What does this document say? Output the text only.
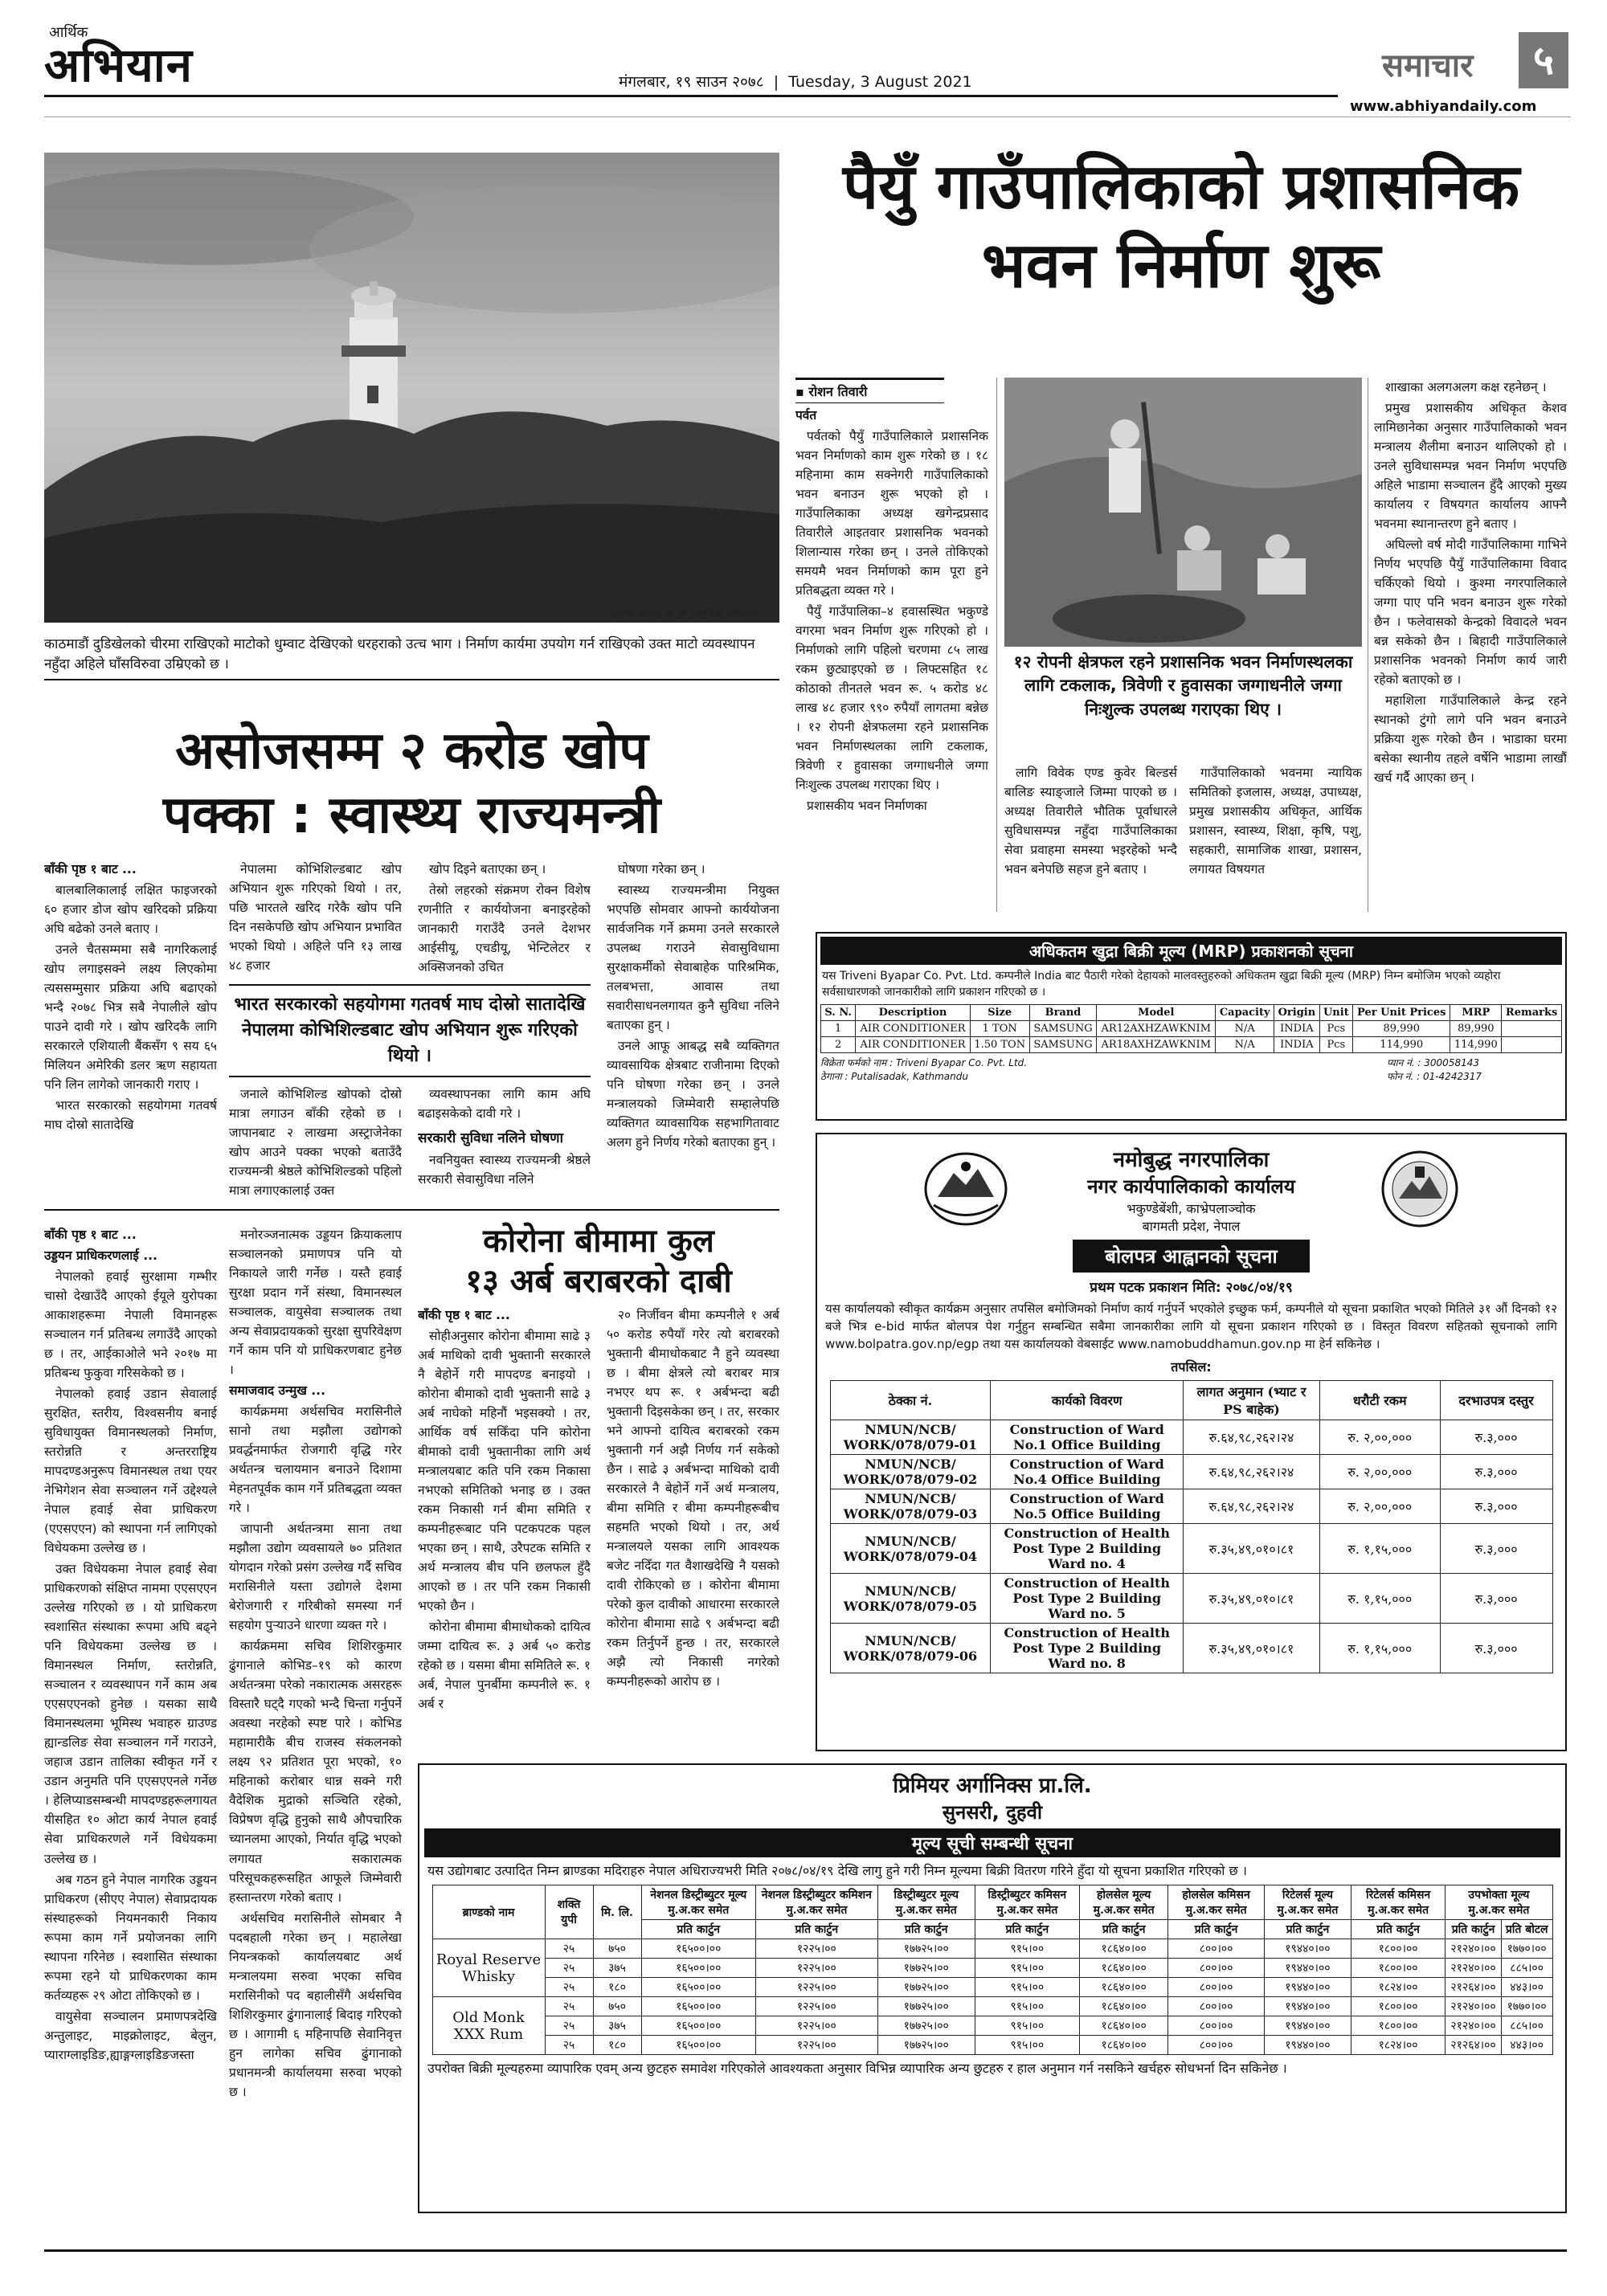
आर्थिक
अभियान	मंगलबार, १९ साउन २०७८ | Tuesday, 3 August 2021	समाचार	५
www.abhiyandaily.com
तस्वीरः प्रकाश के.सी./आर्थिक अभियान
काठमाडौं दुडिखेलको चीरमा राखिएको माटोको धुम्वाट देखिएको धरहराको उत्च भाग । निर्माण कार्यमा उपयोग गर्न राखिएको उक्त माटो व्यवस्थापन नहुँदा अहिले घाँसविरुवा उम्रिएको छ ।
पैयुँ गाउँपालिकाको प्रशासनिक
भवन निर्माण शुरू
▪ रोशन तिवारी

पर्वत

पर्वतको पैयुँ गाउँपालिकाले प्रशासनिक भवन निर्माणको काम शुरू गरेको छ । १८ महिनामा काम सक्नेगरी गाउँपालिकाको भवन बनाउन शुरू भएको हो । गाउँपालिकाका अध्यक्ष खगेन्द्रप्रसाद तिवारीले आइतवार प्रशासनिक भवनको शिलान्यास गरेका छन् । उनले तोकिएको समयमै भवन निर्माणको काम पूरा हुने प्रतिबद्धता व्यक्त गरे ।

पैयुँ गाउँपालिका–४ हवासस्थित भकुण्डे वगरमा भवन निर्माण शुरू गरिएको हो । निर्माणको लागि पहिलो चरणमा ८५ लाख रकम छुट्याइएको छ । लिफ्टसहित १८ कोठाको तीनतले भवन रू. ५ करोड ४८ लाख ४८ हजार ९९० रुपैयाँ लागतमा बन्नेछ । १२ रोपनी क्षेत्रफलमा रहने प्रशासनिक भवन निर्माणस्थलका लागि टकलाक, त्रिवेणी र हुवासका जग्गाधनीले जग्गा निःशुल्क उपलब्ध गराएका थिए ।

प्रशासकीय भवन निर्माणका

१२ रोपनी क्षेत्रफल रहने प्रशासनिक भवन निर्माणस्थलका लागि टकलाक, त्रिवेणी र हुवासका जग्गाधनीले जग्गा निःशुल्क उपलब्ध गराएका थिए ।

लागि विवेक एण्ड कुवेर बिल्डर्स बालिङ स्याङ्जाले जिम्मा पाएको छ । अध्यक्ष तिवारीले भौतिक पूर्वाधारले सुविधासम्पन्न नहुँदा गाउँपालिकाका सेवा प्रवाहमा समस्या भइरहेको भन्दै भवन बनेपछि सहज हुने बताए ।

गाउँपालिकाको भवनमा न्यायिक समितिको इजलास, अध्यक्ष, उपाध्यक्ष, प्रमुख प्रशासकीय अधिकृत, आर्थिक प्रशासन, स्वास्थ्य, शिक्षा, कृषि, पशु, सहकारी, सामाजिक शाखा, प्रशासन, लगायत विषयगत

शाखाका अलगअलग कक्ष रहनेछन् ।

प्रमुख प्रशासकीय अधिकृत केशव लामिछानेका अनुसार गाउँपालिकाको भवन मन्त्रालय शैलीमा बनाउन थालिएको हो । उनले सुविधासम्पन्न भवन निर्माण भएपछि अहिले भाडामा सञ्चालन हुँदै आएको मुख्य कार्यालय र विषयगत कार्यालय आफ्नै भवनमा स्थानान्तरण हुने बताए ।

अघिल्लो वर्ष मोदी गाउँपालिकामा गाभिने निर्णय भएपछि पैयुँ गाउँपालिकामा विवाद चर्किएको थियो । कुश्मा नगरपालिकाले जग्गा पाए पनि भवन बनाउन शुरू गरेको छैन । फलेवासको केन्द्रको विवादले भवन बन्न सकेको छैन । बिहादी गाउँपालिकाले प्रशासनिक भवनको निर्माण कार्य जारी रहेको बताएको छ ।

महाशिला गाउँपालिकाले केन्द्र रहने स्थानको टुंगो लागे पनि भवन बनाउने प्रक्रिया शुरू गरेको छैन । भाडाका घरमा बसेका स्थानीय तहले वर्षेनि भाडामा लाखौं खर्च गर्दै आएका छन् ।

असोजसम्म २ करोड खोप
पक्का : स्वास्थ्य राज्यमन्त्री

बाँकी पृष्ठ १ बाट ...

बालबालिकालाई लक्षित फाइजरको ६० हजार डोज खोप खरिदको प्रक्रिया अघि बढेको उनले बताए ।

उनले चैतसम्ममा सबै नागरिकलाई खोप लगाइसक्ने लक्ष्य लिएकोमा त्यससम्मुसार प्रक्रिया अघि बढाएको भन्दै २०७८ भित्र सबै नेपालीले खोप पाउने दावी गरे । खोप खरिदकै लागि सरकारले एशियाली बैंकसँग ९ सय ६५ मिलियन अमेरिकी डलर ऋण सहायता पनि लिन लागेको जानकारी गराए ।

भारत सरकारको सहयोगमा गतवर्ष माघ दोस्रो सातादेखि

नेपालमा कोभिशिल्डबाट खोप अभियान शुरू गरिएको थियो । तर, पछि भारतले खरिद गरेकै खोप पनि दिन नसकेपछि खोप अभियान प्रभावित भएको थियो । अहिले पनि १३ लाख ४८ हजार

खोप दिइने बताएका छन् ।

तेस्रो लहरको संक्रमण रोक्न विशेष रणनीति र कार्ययोजना बनाइरहेको जानकारी गराउँदै उनले देशभर आईसीयू, एचडीयू, भेन्टिलेटर र अक्सिजनको उचित

भारत सरकारको सहयोगमा गतवर्ष माघ दोस्रो सातादेखि नेपालमा कोभिशिल्डबाट खोप अभियान शुरू गरिएको थियो ।

जनाले कोभिशिल्ड खोपको दोस्रो मात्रा लगाउन बाँकी रहेको छ । जापानबाट २ लाखमा अस्ट्राजेनेका खोप आउने पक्का भएको बताउँदै राज्यमन्त्री श्रेष्ठले कोभिशिल्डको पहिलो मात्रा लगाएकालाई उक्त

व्यवस्थापनका लागि काम अघि बढाइसकेको दावी गरे ।

सरकारी सुविधा नलिने घोषणा

नवनियुक्त स्वास्थ्य राज्यमन्त्री श्रेष्ठले सरकारी सेवासुविधा नलिने

घोषणा गरेका छन् ।

स्वास्थ्य राज्यमन्त्रीमा नियुक्त भएपछि सोमवार आफ्नो कार्ययोजना सार्वजनिक गर्ने क्रममा उनले सरकारले उपलब्ध गराउने सेवासुविधामा सुरक्षाकर्मीको सेवाबाहेक पारिश्रमिक, तलबभत्ता, आवास तथा सवारीसाधनलगायत कुनै सुविधा नलिने बताएका हुन् ।

उनले आफू आबद्ध सबै व्यक्तिगत व्यावसायिक क्षेत्रबाट राजीनामा दिएको पनि घोषणा गरेका छन् । उनले मन्त्रालयको जिम्मेवारी सम्हालेपछि व्यक्तिगत व्यावसायिक सहभागितावाट अलग हुने निर्णय गरेको बताएका हुन् ।

बाँकी पृष्ठ १ बाट ...

उड्डयन प्राधिकरणलाई ...

नेपालको हवाई सुरक्षामा गम्भीर चासो देखाउँदै आएको ईयूले युरोपका आकाशहरूमा नेपाली विमानहरू सञ्चालन गर्न प्रतिबन्ध लगाउँदै आएको छ । तर, आईकाओले भने २०१७ मा प्रतिबन्ध फुकुवा गरिसकेको छ ।

नेपालको हवाई उडान सेवालाई सुरक्षित, स्तरीय, विश्वसनीय बनाई सुविधायुक्त विमानस्थलको निर्माण, स्तरोन्नति र अन्तरराष्ट्रिय मापदण्डअनुरूप विमानस्थल तथा एयर नेभिगेशन सेवा सञ्चालन गर्ने उद्देश्यले नेपाल हवाई सेवा प्राधिकरण (एएसएएन) को स्थापना गर्न लागिएको विधेयकमा उल्लेख छ ।

उक्त विधेयकमा नेपाल हवाई सेवा प्राधिकरणको संक्षिप्त नाममा एएसएएन उल्लेख गरिएको छ । यो प्राधिकरण स्वशासित संस्थाका रूपमा अघि बढ्ने पनि विधेयकमा उल्लेख छ । विमानस्थल निर्माण, स्तरोन्नति, सञ्चालन र व्यवस्थापन गर्ने काम अब एएसएएनको हुनेछ । यसका साथै विमानस्थलमा भूमिस्थ भवाहरु ग्राउण्ड ह्यान्डलिङ सेवा सञ्चालन गर्ने गराउने, जहाज उडान तालिका स्वीकृत गर्ने र उडान अनुमति पनि एएसएएनले गर्नेछ । हेलिप्याडसम्बन्धी मापदण्डहरूलगायत यीसहित १० ओटा कार्य नेपाल हवाई सेवा प्राधिकरणले गर्ने विधेयकमा उल्लेख छ ।

अब गठन हुने नेपाल नागरिक उड्डयन प्राधिकरण (सीएए नेपाल) सेवाप्रदायक संस्थाहरूको नियमनकारी निकाय रूपमा काम गर्ने प्रयोजनका लागि स्थापना गरिनेछ । स्वशासित संस्थाका रूपमा रहने यो प्राधिकरणका काम कर्तव्यहरू २९ ओटा तोकिएको छ ।

वायुसेवा सञ्चालन प्रमाणपत्रदेखि अन्तुलाइट, माइक्रोलाइट, बेलुन, प्याराग्लाइडिङ,ह्याङ्गग्लाइडिङजस्ता

मनोरञ्जनात्मक उड्डयन क्रियाकलाप सञ्चालनको प्रमाणपत्र पनि यो निकायले जारी गर्नेछ । यस्तै हवाई सुरक्षा प्रदान गर्ने संस्था, विमानस्थल सञ्चालक, वायुसेवा सञ्चालक तथा अन्य सेवाप्रदायकको सुरक्षा सुपरिवेक्षण गर्ने काम पनि यो प्राधिकरणबाट हुनेछ ।

समाजवाद उन्मुख ...

कार्यक्रममा अर्थसचिव मरासिनीले सानो तथा मझौला उद्योगको प्रवर्द्धनमार्फत रोजगारी वृद्धि गरेर अर्थतन्त्र चलायमान बनाउने दिशामा मेहनतपूर्वक काम गर्ने प्रतिबद्धता व्यक्त गरे ।

जापानी अर्थतन्त्रमा साना तथा मझौला उद्योग व्यवसायले ७० प्रतिशत योगदान गरेको प्रसंग उल्लेख गर्दै सचिव मरासिनीले यस्ता उद्योगले देशमा बेरोजगारी र गरिबीको समस्या गर्न सहयोग पुऱ्याउने धारणा व्यक्त गरे ।

कार्यक्रममा सचिव शिशिरकुमार ढुंगानाले कोभिड–१९ को कारण अर्थतन्त्रमा परेको नकारात्मक असरहरू विस्तारै घट्दै गएको भन्दै चिन्ता गर्नुपर्ने अवस्था नरहेको स्पष्ट पारे । कोभिड महामारीकै बीच राजस्व संकलनको लक्ष्य ९२ प्रतिशत पूरा भएको, १० महिनाको करोबार धान्न सक्ने गरी वैदेशिक मुद्राको सञ्चिति रहेको, विप्रेषण वृद्धि हुनुको साथै औपचारिक च्यानलमा आएको, निर्यात वृद्धि भएको लगायत सकारात्मक परिसूचकहरूसहित आफूले जिम्मेवारी हस्तान्तरण गरेको बताए ।

अर्थसचिव मरासिनीले सोमबार नै पदबहाली गरेका छन् । महालेखा नियन्त्रकको कार्यालयबाट अर्थ मन्त्रालयमा सरुवा भएका सचिव मरासिनीको पद बहालीसँगै अर्थसचिव शिशिरकुमार ढुंगानालाई बिदाइ गरिएको छ । आगामी ६ महिनापछि सेवानिवृत्त हुन लागेका सचिव ढुंगानाको प्रधानमन्त्री कार्यालयमा सरुवा भएको छ ।

कोरोना बीमामा कुल
१३ अर्ब बराबरको दाबी

बाँकी पृष्ठ १ बाट ...

सोहीअनुसार कोरोना बीमामा साढे ३ अर्ब माथिको दावी भुक्तानी सरकारले नै बेहोर्ने गरी मापदण्ड बनाइयो । कोरोना बीमाको दावी भुक्तानी साढे ३ अर्ब नाघेको महिनौं भइसक्यो । तर, आर्थिक वर्ष सकिँदा पनि कोरोना बीमाको दावी भुक्तानीका लागि अर्थ मन्त्रालयबाट कति पनि रकम निकासा नभएको समितिको भनाइ छ । उक्त रकम निकासी गर्न बीमा समिति र कम्पनीहरूबाट पनि पटकपटक पहल भएका छन् । साथै, उरैपटक समिति र अर्थ मन्त्रालय बीच पनि छलफल हुँदै आएको छ । तर पनि रकम निकासी भएको छैन ।

कोरोना बीमामा बीमाधोकको दायित्व जम्मा दायित्व रू. ३ अर्ब ५० करोड रहेको छ । यसमा बीमा समितिले रू. १ अर्ब, नेपाल पुनर्बीमा कम्पनीले रू. १ अर्ब र

२० निर्जीवन बीमा कम्पनीले १ अर्ब ५० करोड रुपैयाँ गरेर त्यो बराबरको भुक्तानी बीमाधोकबाट नै हुने व्यवस्था छ । बीमा क्षेत्रले त्यो बराबर मात्र नभएर थप रू. १ अर्बभन्दा बढी भुक्तानी दिइसकेका छन् । तर, सरकार भने आफ्नो दायित्व बराबरको रकम भुक्तानी गर्न अझै निर्णय गर्न सकेको छैन । साढे ३ अर्बभन्दा माथिको दावी सरकारले नै बेहोर्ने गर्ने अर्थ मन्त्रालय, बीमा समिति र बीमा कम्पनीहरूबीच सहमति भएको थियो । तर, अर्थ मन्त्रालयले यसका लागि आवश्यक बजेट नदिँदा गत वैशाखदेखि नै यसको दावी रोकिएको छ । कोरोना बीमामा परेको कुल दावीको आधारमा सरकारले कोरोना बीमामा साढे ९ अर्बभन्दा बढी रकम तिर्नुपर्ने हुन्छ । तर, सरकारले अझै त्यो निकासी नगरेको कम्पनीहरूको आरोप छ ।

अधिकतम खुद्रा बिक्री मूल्य (MRP) प्रकाशनको सूचना
यस Triveni Byapar Co. Pvt. Ltd. कम्पनीले India बाट पैठारी गरेको देहायको मालवस्तुहरुको अधिकतम खुद्रा बिक्री मूल्य (MRP) निम्न बमोजिम भएको व्यहोरा सर्वसाधारणको जानकारीको लागि प्रकाशन गरिएको छ ।
S. N.	Description	Size	Brand	Model	Capacity	Origin	Unit	Per Unit Prices	MRP	Remarks
1	AIR CONDITIONER	1 TON	SAMSUNG	AR12AXHZAWKNIM	N/A	INDIA	Pcs	89,990	89,990	
2	AIR CONDITIONER	1.50 TON	SAMSUNG	AR18AXHZAWKNIM	N/A	INDIA	Pcs	114,990	114,990	
विक्रेता फर्मको नाम : Triveni Byapar Co. Pvt. Ltd.
ठेगाना : Putalisadak, Kathmandu
प्यान नं. : 300058143
फोन नं. : 01-4242317
नमोबुद्ध नगरपालिका
नगर कार्यपालिकाको कार्यालय
भकुण्डेबेंशी, काभ्रेपलाञ्चोक
बागमती प्रदेश, नेपाल
बोलपत्र आह्वानको सूचना
प्रथम पटक प्रकाशन मिति: २०७८/०४/१९
यस कार्यालयको स्वीकृत कार्यक्रम अनुसार तपसिल बमोजिमको निर्माण कार्य गर्नुपर्ने भएकोले इच्छुक फर्म, कम्पनीले यो सूचना प्रकाशित भएको मितिले ३१ औं दिनको १२ बजे भित्र e-bid मार्फत बोलपत्र पेश गर्नुहुन सम्बन्धित सबैमा जानकारीका लागि यो सूचना प्रकाशन गरिएको छ । विस्तृत विवरण सहितको सूचनाको लागि www.bolpatra.gov.np/egp तथा यस कार्यालयको वेबसाईट www.namobuddhamun.gov.np मा हेर्न सकिनेछ ।
तपसिल:
ठेक्का नं.	कार्यको विवरण	लागत अनुमान (भ्याट र PS बाहेक)	धरौटी रकम	दरभाउपत्र दस्तुर
NMUN/NCB/ WORK/078/079-01	Construction of Ward No.1 Office Building	रु.६४,९८,२६२।२४	रु. २,००,०००	रु.३,०००
NMUN/NCB/ WORK/078/079-02	Construction of Ward No.4 Office Building	रु.६४,९८,२६२।२४	रु. २,००,०००	रु.३,०००
NMUN/NCB/ WORK/078/079-03	Construction of Ward No.5 Office Building	रु.६४,९८,२६२।२४	रु. २,००,०००	रु.३,०००
NMUN/NCB/ WORK/078/079-04	Construction of Health Post Type 2 Building Ward no. 4	रु.३५,४९,०१०।८१	रु. १,१५,०००	रु.३,०००
NMUN/NCB/ WORK/078/079-05	Construction of Health Post Type 2 Building Ward no. 5	रु.३५,४९,०१०।८१	रु. १,१५,०००	रु.३,०००
NMUN/NCB/ WORK/078/079-06	Construction of Health Post Type 2 Building Ward no. 8	रु.३५,४९,०१०।८१	रु. १,१५,०००	रु.३,०००
प्रिमियर अर्गानिक्स प्रा.लि.
सुनसरी, दुहवी
मूल्य सूची सम्बन्धी सूचना
यस उद्योगबाट उत्पादित निम्न ब्राण्डका मदिराहरु नेपाल अधिराज्यभरी मिति २०७८/०४/१९ देखि लागु हुने गरी निम्न मूल्यमा बिक्री वितरण गरिने हुँदा यो सूचना प्रकाशित गरिएको छ ।
ब्राण्डको नाम	शक्ति युपी	मि. लि.	नेशनल डिस्ट्रीब्युटर मूल्य मु.अ.कर समेत	नेशनल डिस्ट्रीब्युटर कमिशन मु.अ.कर समेत	डिस्ट्रीब्युटर मूल्य मु.अ.कर समेत	डिस्ट्रीब्युटर कमिसन मु.अ.कर समेत	होलसेल मूल्य मु.अ.कर समेत	होलसेल कमिसन मु.अ.कर समेत	रिटेलर्स मूल्य मु.अ.कर समेत	रिटेलर्स कमिसन मु.अ.कर समेत	उपभोक्ता मूल्य मु.अ.कर समेत	
			प्रति कार्टुन	प्रति कार्टुन	प्रति कार्टुन	प्रति कार्टुन	प्रति कार्टुन	प्रति कार्टुन	प्रति कार्टुन	प्रति कार्टुन	प्रति कार्टुन	प्रति बोटल
Royal Reserve Whisky	२५	७५०	१६५००।००	१२२५।००	१७७२५।००	९१५।००	१८६४०।००	८००।००	१९४४०।००	१८००।००	२१२४०।००	१७७०।००
	२५	३७५	१६५००।००	१२२५।००	१७७२५।००	९१५।००	१८६४०।००	८००।००	१९४४०।००	१८००।००	२१२४०।००	८८५।००
	२५	१८०	१६५००।००	१२२५।००	१७७२५।००	९१५।००	१८६४०।००	८००।००	१९४४०।००	१८२४।००	२१२६४।००	४४३।००
Old Monk XXX Rum	२५	७५०	१६५००।००	१२२५।००	१७७२५।००	९१५।००	१८६४०।००	८००।००	१९४४०।००	१८००।००	२१२४०।००	१७७०।००
	२५	३७५	१६५००।००	१२२५।००	१७७२५।००	९१५।००	१८६४०।००	८००।००	१९४४०।००	१८००।००	२१२४०।००	८८५।००
	२५	१८०	१६५००।००	१२२५।००	१७७२५।००	९१५।००	१८६४०।००	८००।००	१९४४०।००	१८२४।००	२१२६४।००	४४३।००
उपरोक्त बिक्री मूल्यहरुमा व्यापारिक एवम् अन्य छुटहरु समावेश गरिएकोले आवश्यकता अनुसार विभिन्न व्यापारिक अन्य छुटहरु र हाल अनुमान गर्न नसकिने खर्चहरु सोधभर्ना दिन सकिनेछ ।
